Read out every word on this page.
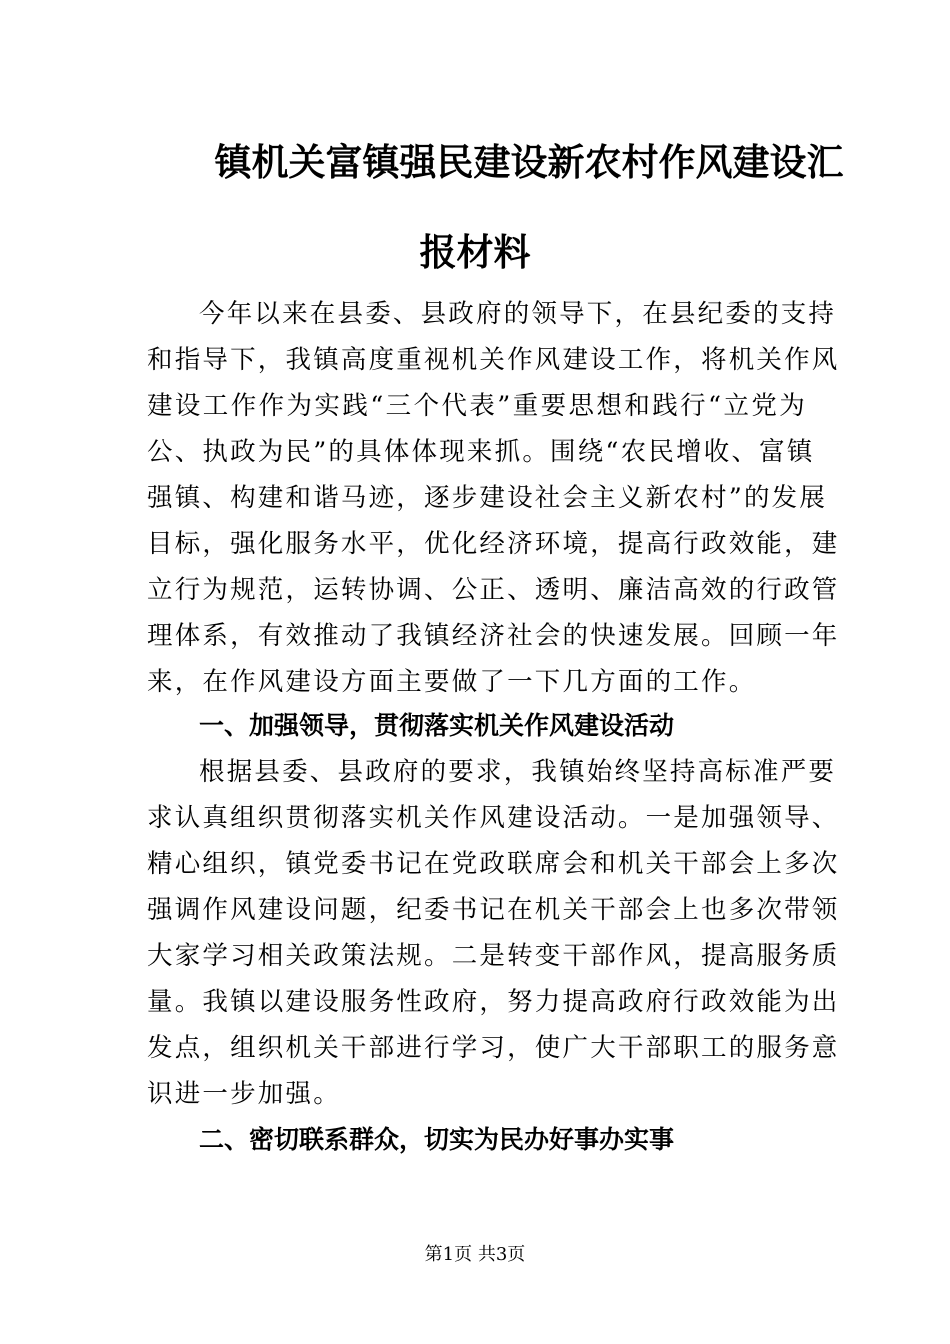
镇机关富镇强民建设新农村作风建设汇
报材料
今年以来在县委、县政府的领导下，在县纪委的支持
和指导下，我镇高度重视机关作风建设工作，将机关作风
建设工作作为实践“三个代表”重要思想和践行“立党为
公、执政为民”的具体体现来抓。围绕“农民增收、富镇
强镇、构建和谐马迹，逐步建设社会主义新农村”的发展
目标，强化服务水平，优化经济环境，提高行政效能，建
立行为规范，运转协调、公正、透明、廉洁高效的行政管
理体系，有效推动了我镇经济社会的快速发展。回顾一年
来，在作风建设方面主要做了一下几方面的工作。
一、加强领导，贯彻落实机关作风建设活动
根据县委、县政府的要求，我镇始终坚持高标准严要
求认真组织贯彻落实机关作风建设活动。一是加强领导、
精心组织，镇党委书记在党政联席会和机关干部会上多次
强调作风建设问题，纪委书记在机关干部会上也多次带领
大家学习相关政策法规。二是转变干部作风，提高服务质
量。我镇以建设服务性政府，努力提高政府行政效能为出
发点，组织机关干部进行学习，使广大干部职工的服务意
识进一步加强。
二、密切联系群众，切实为民办好事办实事
第1页 共3页
